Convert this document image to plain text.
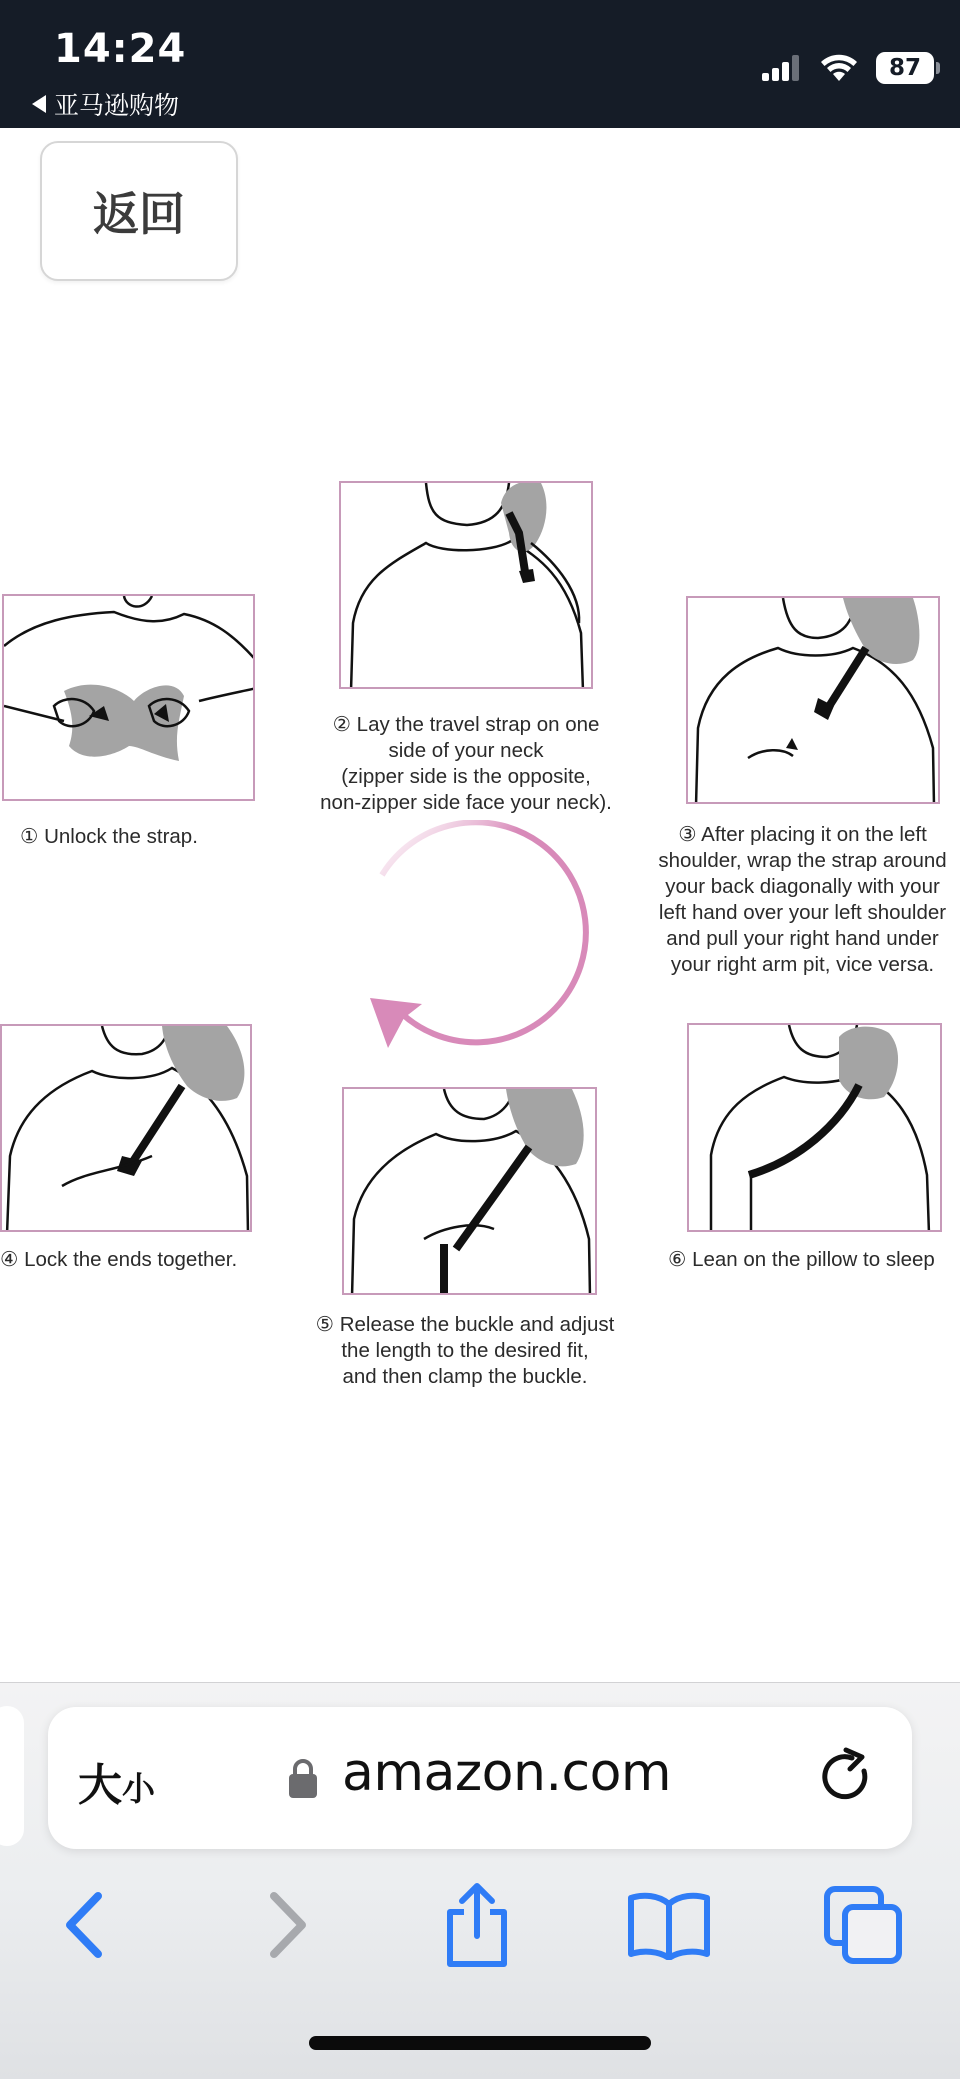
14:24
亚马逊购物
87
返回
① Unlock the strap.
② Lay the travel strap on one
side of your neck
(zipper side is the opposite,
non-zipper side face your neck).
③ After placing it on the left
shoulder, wrap the strap around
your back diagonally with your
left hand over your left shoulder
and pull your right hand under
your right arm pit, vice versa.
④ Lock the ends together.
⑤ Release the buckle and adjust
the length to the desired fit,
and then clamp the buckle.
⑥ Lean on the pillow to sleep
大小	amazon.com
